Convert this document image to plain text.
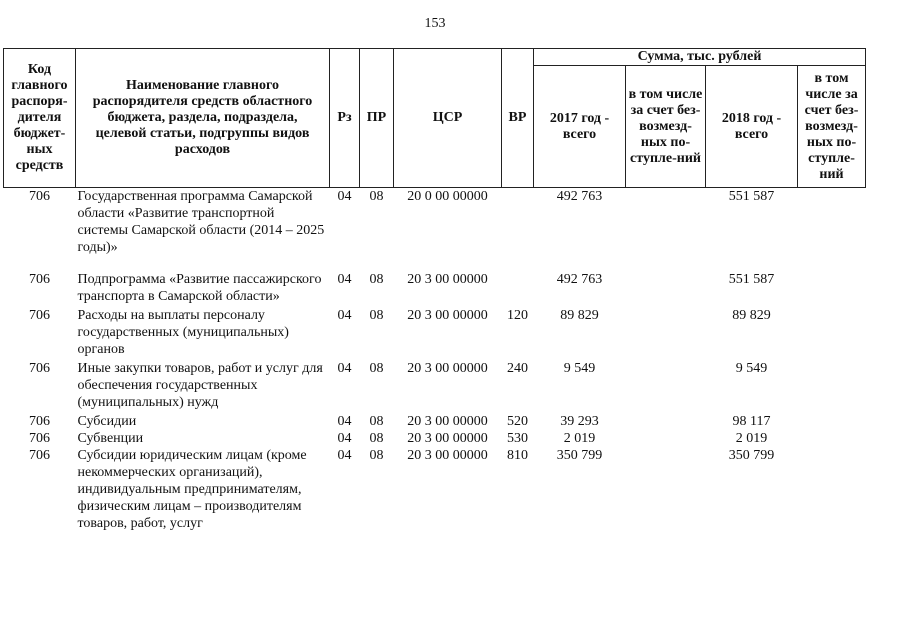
153
Код главного распоря-дителя бюджет-ных средств	Наименование главного распорядителя средств областного бюджета, раздела, подраздела, целевой статьи, подгруппы видов расходов	Рз	ПР	ЦСР	ВР	Сумма, тыс. рублей			
						2017 год - всего	в том числе за счет без-возмезд-ных по-ступле-ний	2018 год - всего	в том числе за счет без-возмезд-ных по-ступле-ний
706	Государственная программа Самарской области «Развитие транспортной системы Самарской области (2014 – 2025 годы)»	04	08	20 0 00 00000		492 763		551 587	
706	Подпрограмма «Развитие пассажирского транспорта в Самарской области»	04	08	20 3 00 00000		492 763		551 587	
706	Расходы на выплаты персоналу государственных (муниципальных) органов	04	08	20 3 00 00000	120	89 829		89 829	
706	Иные закупки товаров, работ и услуг для обеспечения государственных (муниципальных) нужд	04	08	20 3 00 00000	240	9 549		9 549	
706	Субсидии	04	08	20 3 00 00000	520	39 293		98 117	
706	Субвенции	04	08	20 3 00 00000	530	2 019		2 019	
706	Субсидии юридическим лицам (кроме некоммерческих организаций), индивидуальным предпринимателям, физическим лицам – производителям товаров, работ, услуг	04	08	20 3 00 00000	810	350 799		350 799	
